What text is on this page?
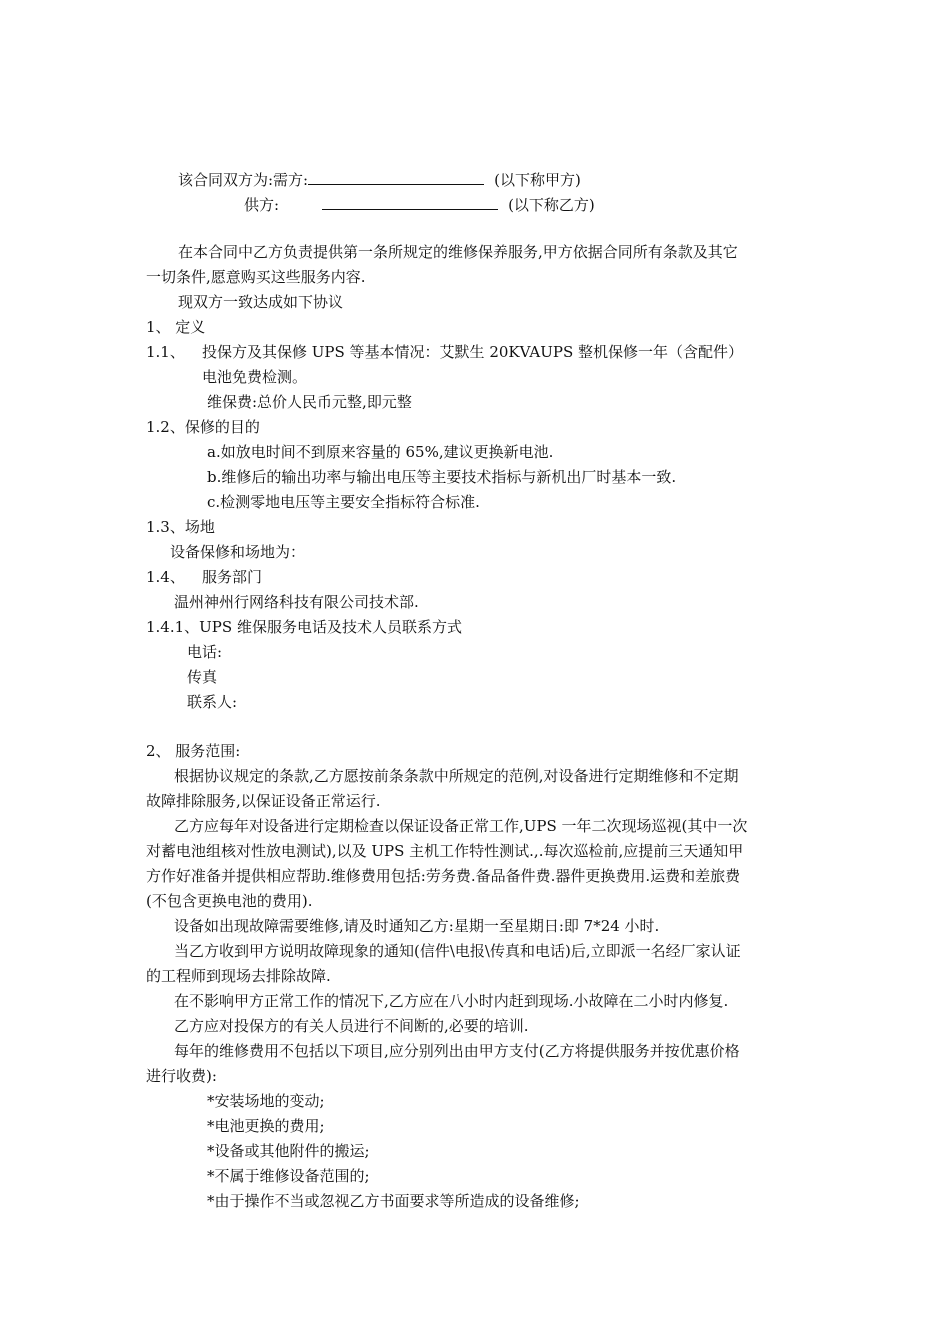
该合同双方为:需方:	(以下称甲方)
供方:	(以下称乙方)
在本合同中乙方负责提供第一条所规定的维修保养服务,甲方依据合同所有条款及其它
一切条件,愿意购买这些服务内容.
现双方一致达成如下协议
1、 定义
1.1、 投保方及其保修 UPS 等基本情况：艾默生 20KVAUPS 整机保修一年（含配件）
电池免费检测。
维保费:总价人民币元整,即元整
1.2、保修的目的
a.如放电时间不到原来容量的 65%,建议更换新电池.
b.维修后的输出功率与输出电压等主要技术指标与新机出厂时基本一致.
c.检测零地电压等主要安全指标符合标准.
1.3、场地
设备保修和场地为：
1.4、 服务部门
温州神州行网络科技有限公司技术部.
1.4.1、UPS 维保服务电话及技术人员联系方式
电话:
传真
联系人:
2、 服务范围:
根据协议规定的条款,乙方愿按前条条款中所规定的范例,对设备进行定期维修和不定期
故障排除服务,以保证设备正常运行.
乙方应每年对设备进行定期检查以保证设备正常工作,UPS 一年二次现场巡视(其中一次
对蓄电池组核对性放电测试),以及 UPS 主机工作特性测试.,.每次巡检前,应提前三天通知甲
方作好准备并提供相应帮助.维修费用包括:劳务费.备品备件费.器件更换费用.运费和差旅费
(不包含更换电池的费用).
设备如出现故障需要维修,请及时通知乙方:星期一至星期日:即 7*24 小时.
当乙方收到甲方说明故障现象的通知(信件\电报\传真和电话)后,立即派一名经厂家认证
的工程师到现场去排除故障.
在不影响甲方正常工作的情况下,乙方应在八小时内赶到现场.小故障在二小时内修复.
乙方应对投保方的有关人员进行不间断的,必要的培训.
每年的维修费用不包括以下项目,应分别列出由甲方支付(乙方将提供服务并按优惠价格
进行收费):
*安装场地的变动;
*电池更换的费用;
*设备或其他附件的搬运;
*不属于维修设备范围的;
*由于操作不当或忽视乙方书面要求等所造成的设备维修;
